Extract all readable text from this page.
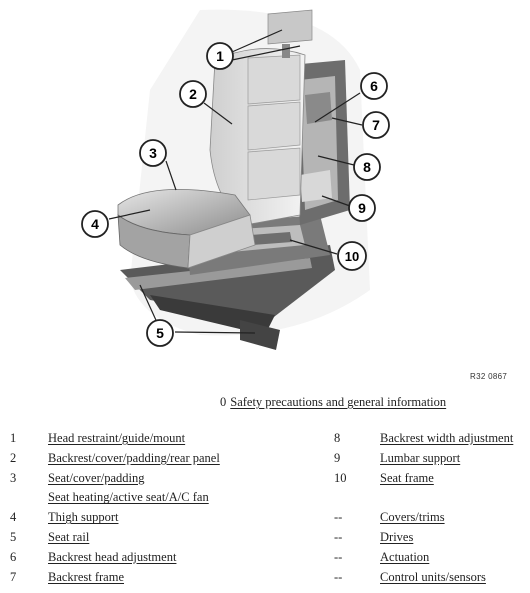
1
2
3
4
5
6
7
8
9
10
R32 0867
0 Safety precautions and general information
1	Head restraint/guide/mount
2	Backrest/cover/padding/rear panel
3	Seat/cover/padding
Seat heating/active seat/A/C fan
4	Thigh support
5	Seat rail
6	Backrest head adjustment
7	Backrest frame
8	Backrest width adjustment
9	Lumbar support
10	Seat frame
--	Covers/trims
--	Drives
--	Actuation
--	Control units/sensors
